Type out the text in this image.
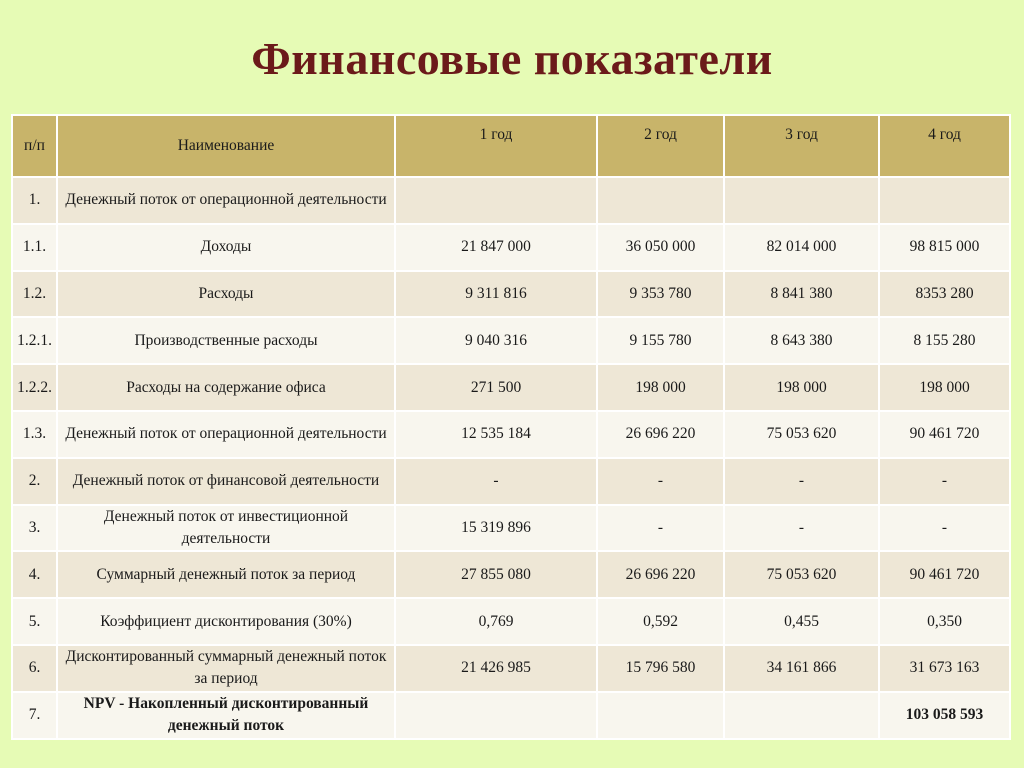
Финансовые показатели
п/п	Наименование	1 год	2 год	3 год	4 год
1.	Денежный поток от операционной деятельности				
1.1.	Доходы	21 847 000	36 050 000	82 014 000	98 815 000
1.2.	Расходы	9 311 816	9 353 780	8 841 380	8353 280
1.2.1.	Производственные расходы	9 040 316	9 155 780	8 643 380	8 155 280
1.2.2.	Расходы на содержание офиса	271 500	198 000	198 000	198 000
1.3.	Денежный поток от операционной деятельности	12 535 184	26 696 220	75 053 620	90 461 720
2.	Денежный поток от финансовой деятельности	-	-	-	-
3.	Денежный поток от инвестиционной деятельности	15 319 896	-	-	-
4.	Суммарный денежный поток за период	27 855 080	26 696 220	75 053 620	90 461 720
5.	Коэффициент дисконтирования (30%)	0,769	0,592	0,455	0,350
6.	Дисконтированный суммарный денежный поток за период	21 426 985	15 796 580	34 161 866	31 673 163
7.	NPV - Накопленный дисконтированный денежный поток				103 058 593
